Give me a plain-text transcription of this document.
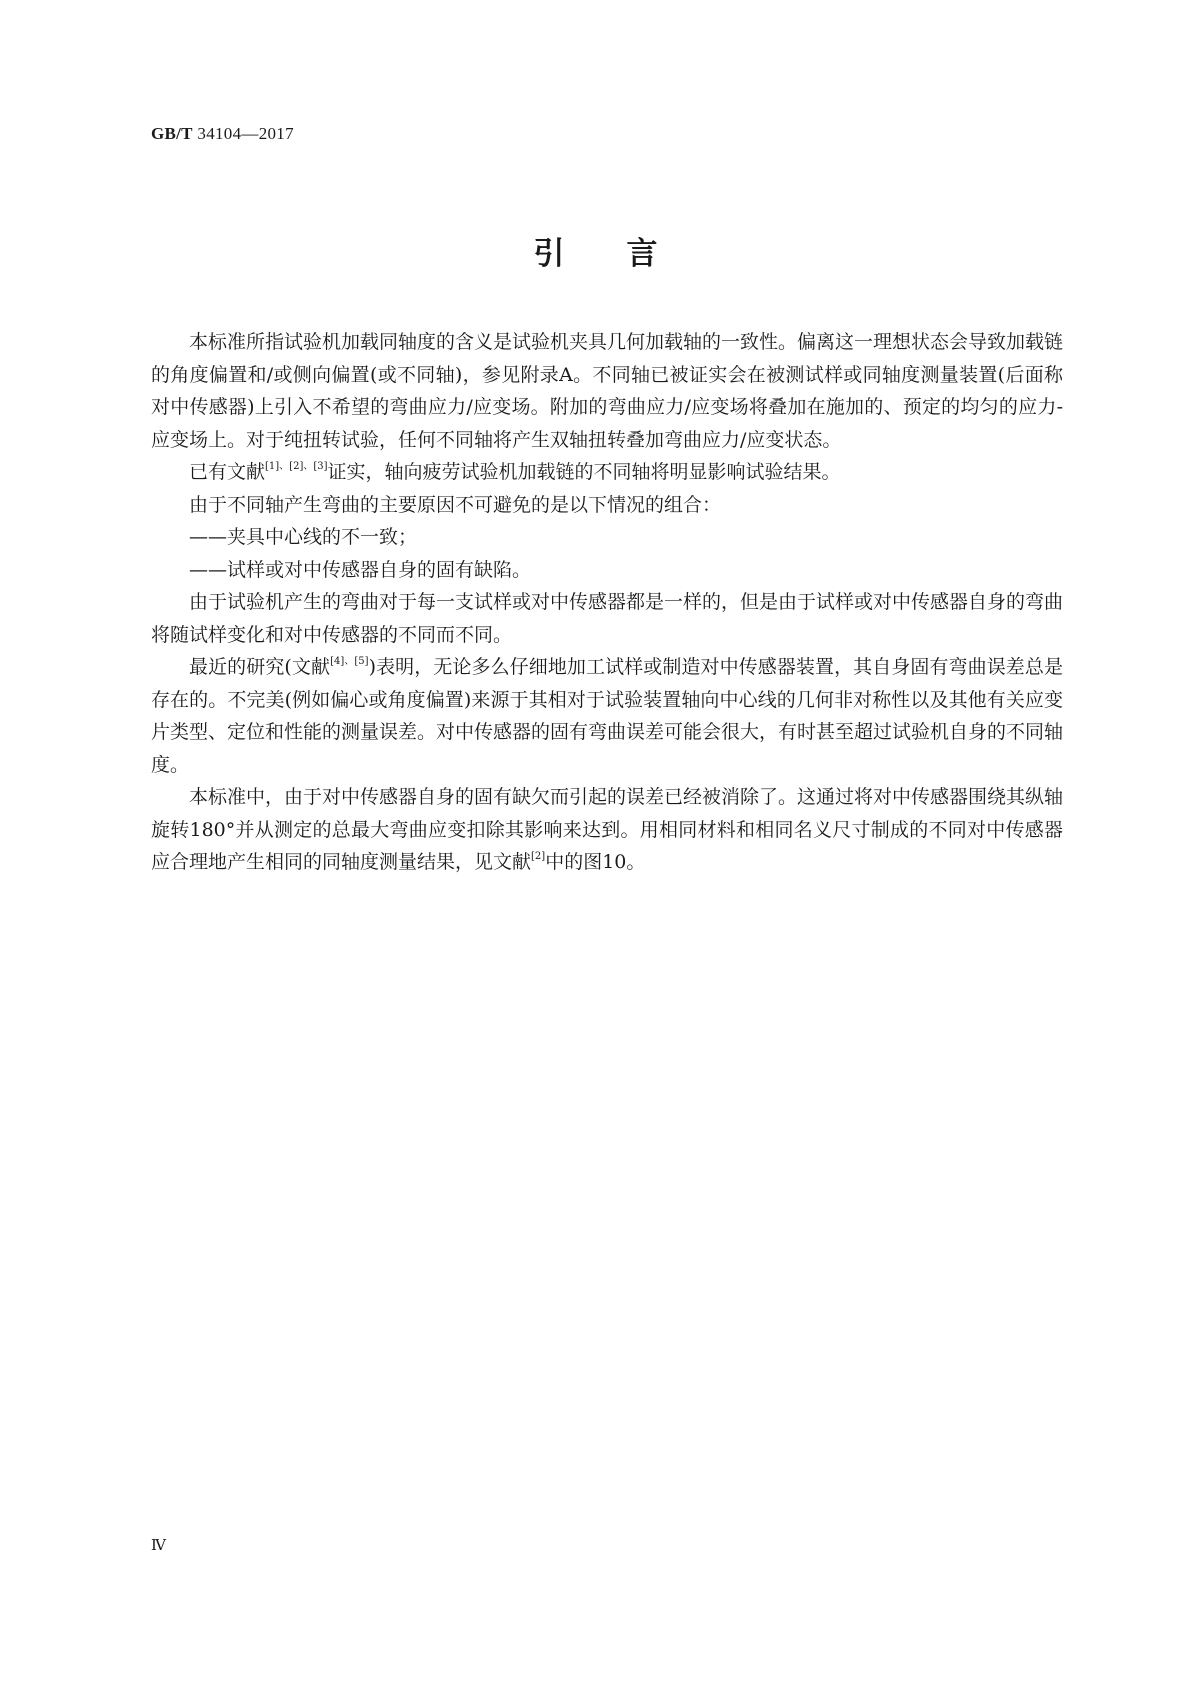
GB/T 34104—2017
引言

本标准所指试验机加载同轴度的含义是试验机夹具几何加载轴的一致性。偏离这一理想状态会导致加载链的角度偏置和/或侧向偏置(或不同轴)，参见附录A。不同轴已被证实会在被测试样或同轴度测量装置(后面称对中传感器)上引入不希望的弯曲应力/应变场。附加的弯曲应力/应变场将叠加在施加的、预定的均匀的应力-应变场上。对于纯扭转试验，任何不同轴将产生双轴扭转叠加弯曲应力/应变状态。

已有文献[1]、[2]、[3]证实，轴向疲劳试验机加载链的不同轴将明显影响试验结果。

由于不同轴产生弯曲的主要原因不可避免的是以下情况的组合：

——夹具中心线的不一致；

——试样或对中传感器自身的固有缺陷。

由于试验机产生的弯曲对于每一支试样或对中传感器都是一样的，但是由于试样或对中传感器自身的弯曲将随试样变化和对中传感器的不同而不同。

最近的研究(文献[4]、[5])表明，无论多么仔细地加工试样或制造对中传感器装置，其自身固有弯曲误差总是存在的。不完美(例如偏心或角度偏置)来源于其相对于试验装置轴向中心线的几何非对称性以及其他有关应变片类型、定位和性能的测量误差。对中传感器的固有弯曲误差可能会很大，有时甚至超过试验机自身的不同轴度。

本标准中，由于对中传感器自身的固有缺欠而引起的误差已经被消除了。这通过将对中传感器围绕其纵轴旋转180°并从测定的总最大弯曲应变扣除其影响来达到。用相同材料和相同名义尺寸制成的不同对中传感器应合理地产生相同的同轴度测量结果，见文献[2]中的图10。

Ⅳ
